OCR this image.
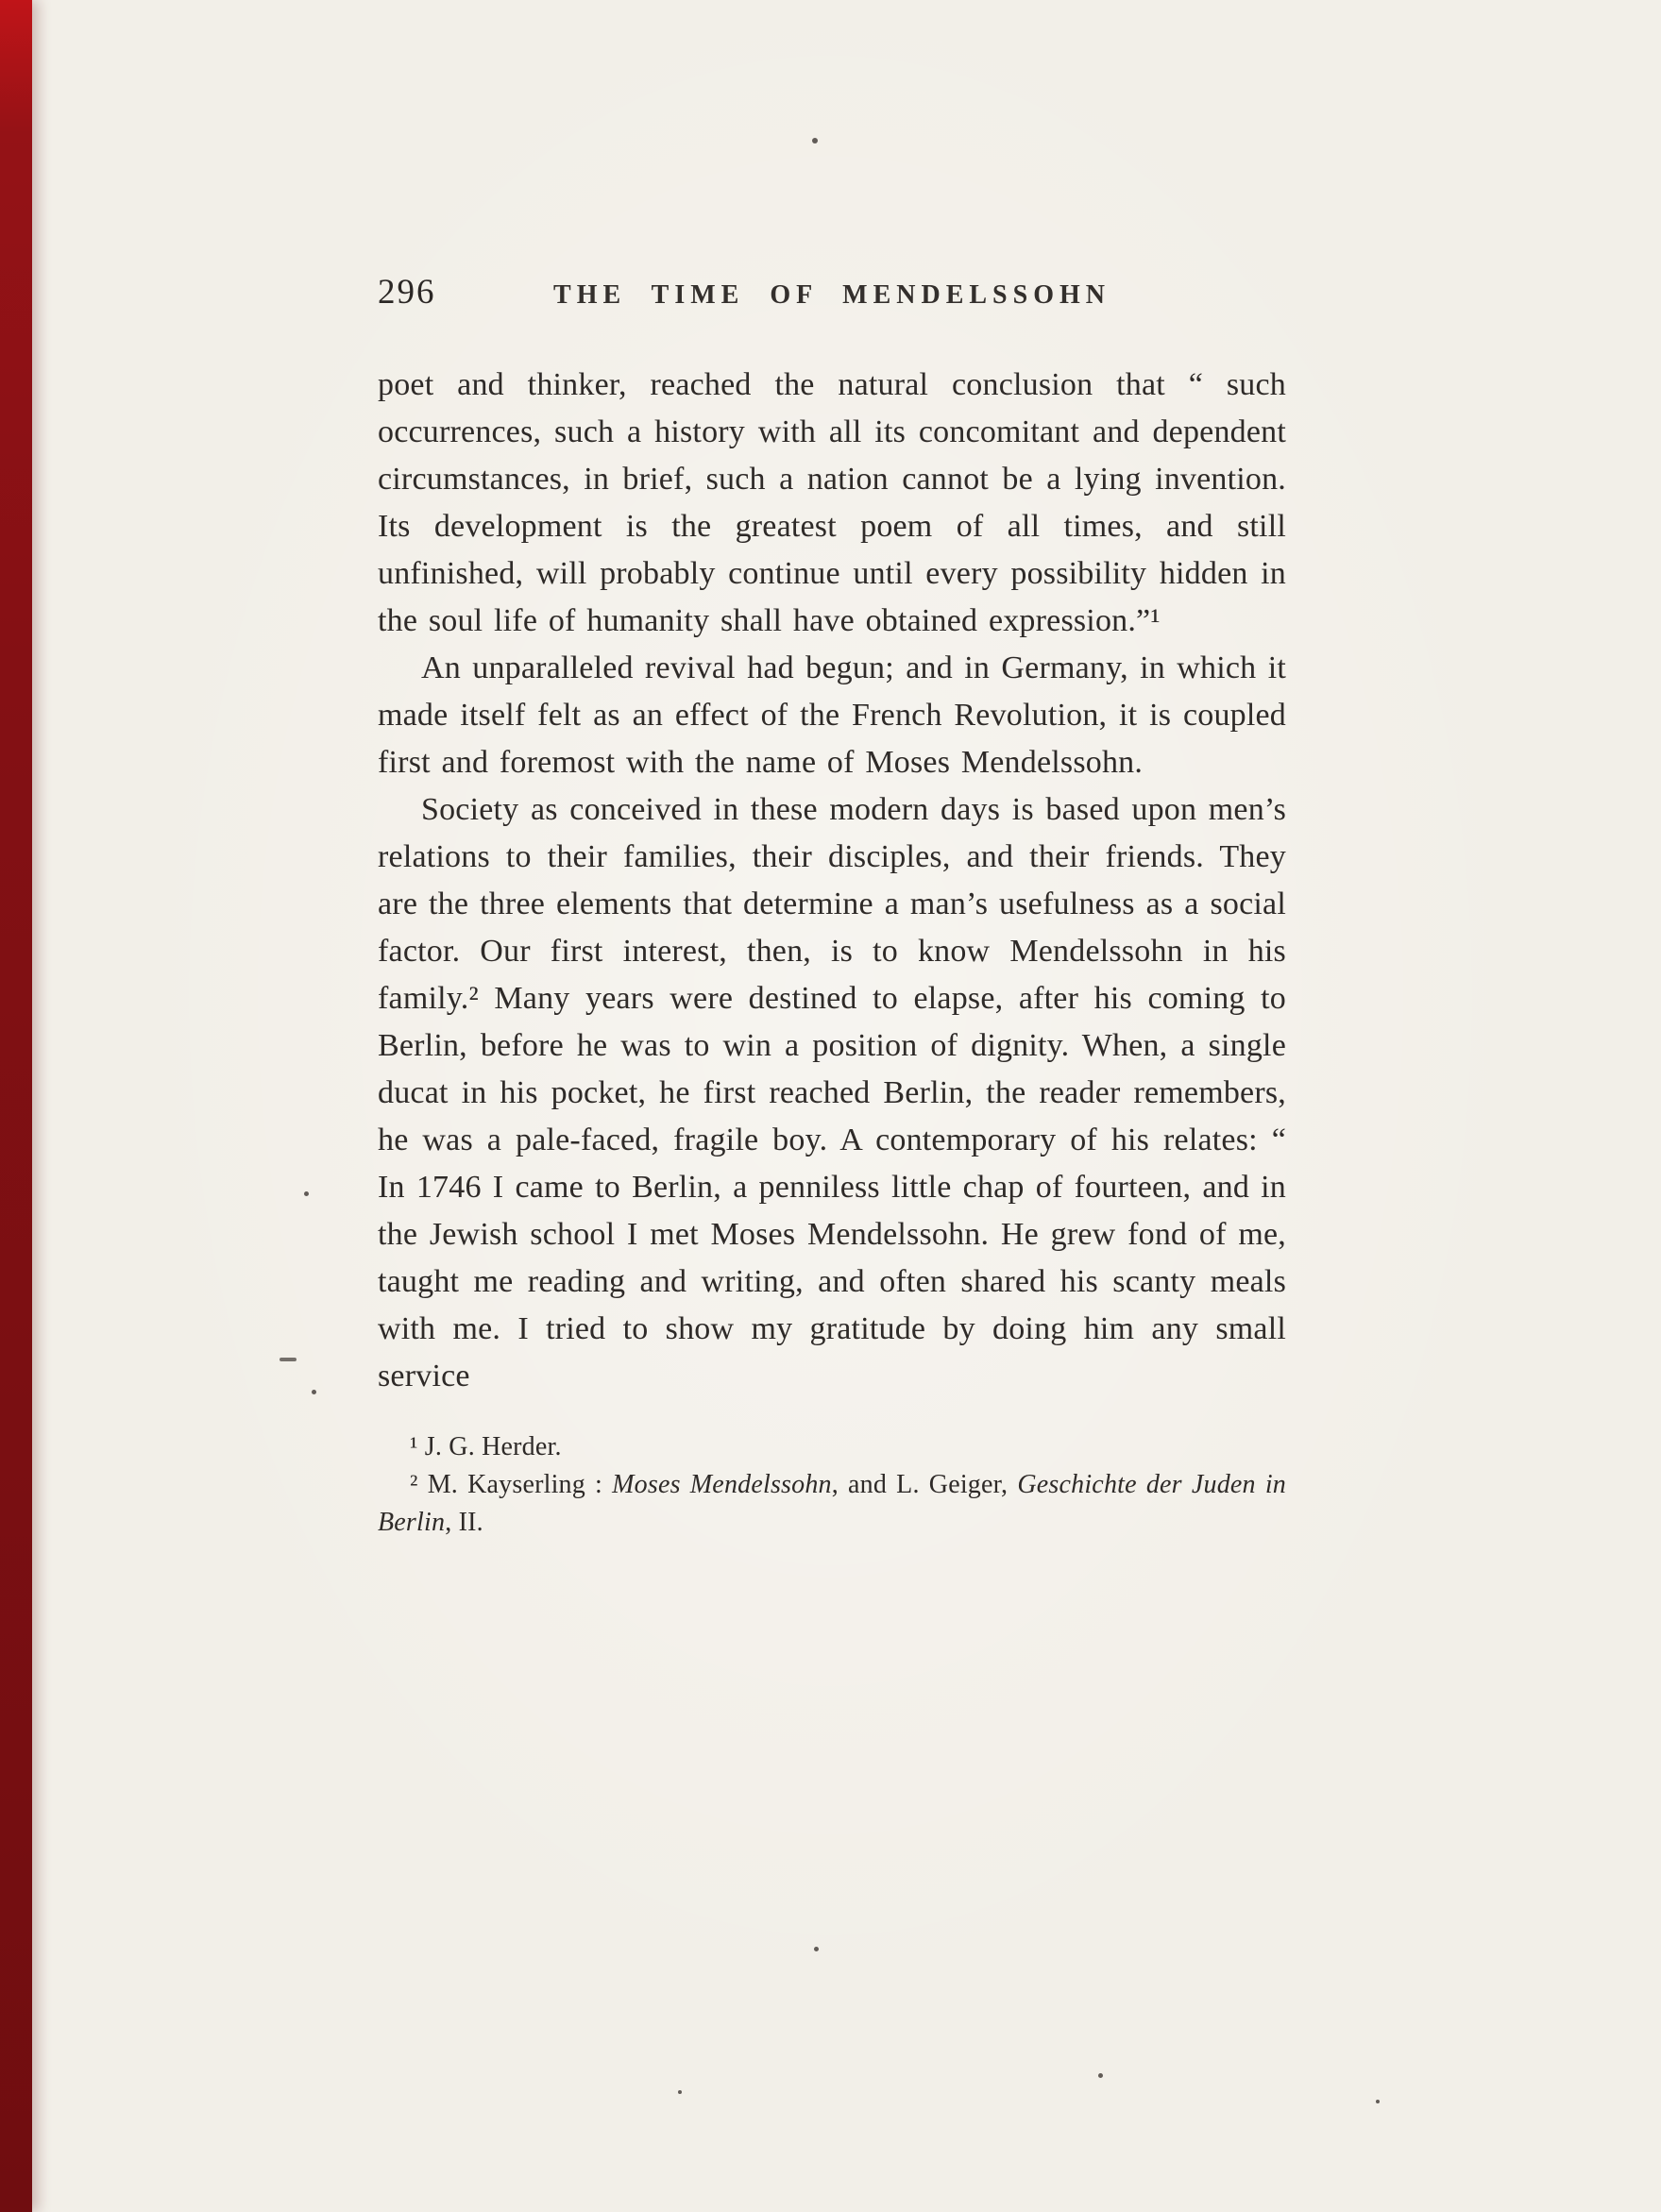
296	THE TIME OF MENDELSSOHN

poet and thinker, reached the natural conclusion that “ such occurrences, such a history with all its concomitant and dependent circumstances, in brief, such a nation cannot be a lying invention. Its development is the greatest poem of all times, and still unfinished, will probably continue until every possibility hidden in the soul life of humanity shall have obtained expression.”¹

An unparalleled revival had begun; and in Germany, in which it made itself felt as an effect of the French Revolution, it is coupled first and foremost with the name of Moses Mendelssohn.

Society as conceived in these modern days is based upon men’s relations to their families, their disciples, and their friends. They are the three elements that determine a man’s usefulness as a social factor. Our first interest, then, is to know Mendelssohn in his family.² Many years were destined to elapse, after his coming to Berlin, before he was to win a position of dignity. When, a single ducat in his pocket, he first reached Berlin, the reader remembers, he was a pale-faced, fragile boy. A contemporary of his relates: “ In 1746 I came to Berlin, a penniless little chap of fourteen, and in the Jewish school I met Moses Mendelssohn. He grew fond of me, taught me reading and writing, and often shared his scanty meals with me. I tried to show my gratitude by doing him any small service

¹ J. G. Herder.

² M. Kayserling : Moses Mendelssohn, and L. Geiger, Geschichte der Juden in Berlin, II.
